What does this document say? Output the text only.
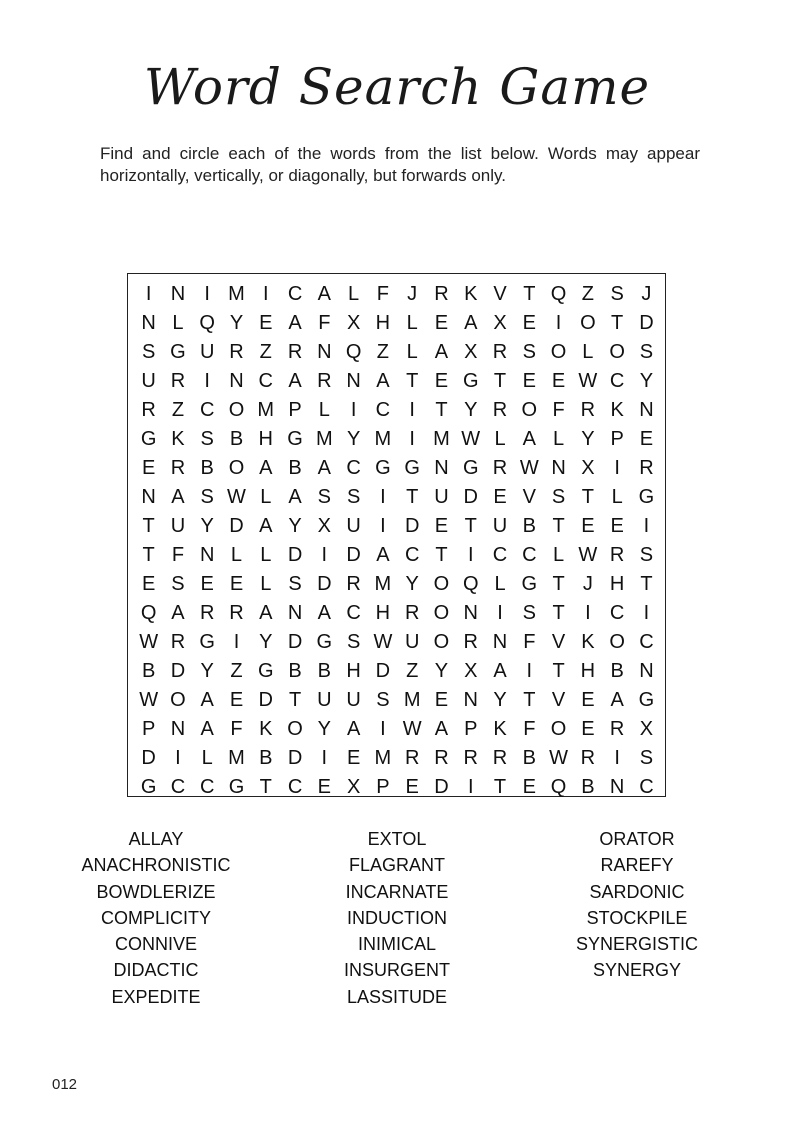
Word Search Game
Find and circle each of the words from the list below. Words may appear horizontally, vertically, or diagonally, but forwards only.
I N I M I C A L F J R K V T Q Z S J
N L Q Y E A F X H L E A X E I O T D
S G U R Z R N Q Z L A X R S O L O S
U R I N C A R N A T E G T E E W C Y
R Z C O M P L	I C I	T Y R O F R K N
G K S B H G M Y M I M W L A L Y P E
E R B O A B A C G G N G R W N X I R
N A S W L A S S I	T U D E V S T L G
T U Y D A Y X U I D E T U B T E E I
T F N L L D I D A C T	I C C L W R S
E S E E L S D R M Y O Q L G T J H T
Q A R R A N A C H R O N I S T	I C I
W R G I Y D G S W U O R N F V K O C
B D Y Z G B B H D Z Y X A I	T H B N
W O A E D T U U S M E N Y T V E A G
P N A F K O Y A I W A P K F O E R X
D I	L M B D I E M R R R R B W R I S
G C C G T C E X P E D I	T E Q B N C
ALLAY
ANACHRONISTIC
BOWDLERIZE
COMPLICITY
CONNIVE
DIDACTIC
EXPEDITE
EXTOL
FLAGRANT
INCARNATE
INDUCTION
INIMICAL
INSURGENT
LASSITUDE
ORATOR
RAREFY
SARDONIC
STOCKPILE
SYNERGISTIC
SYNERGY
012
